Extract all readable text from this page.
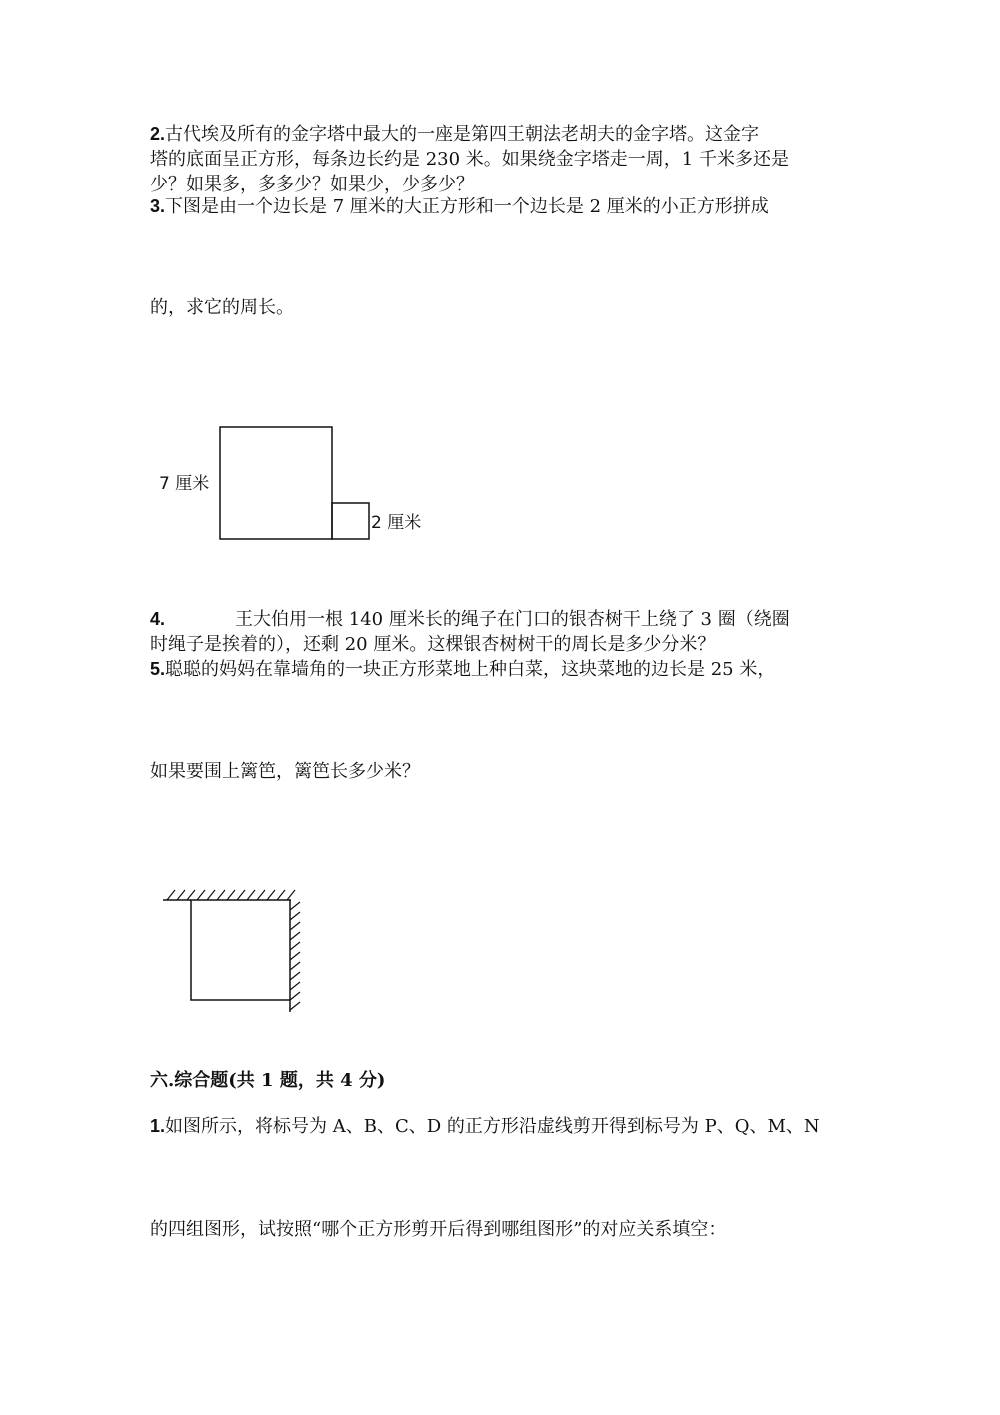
2.古代埃及所有的金字塔中最大的一座是第四王朝法老胡夫的金字塔。这金字
塔的底面呈正方形，每条边长约是 230 米。如果绕金字塔走一周，1 千米多还是
少？如果多，多多少？如果少，少多少？
3.下图是由一个边长是 7 厘米的大正方形和一个边长是 2 厘米的小正方形拼成
的，求它的周长。
7 厘米
2 厘米
4.	王大伯用一根 140 厘米长的绳子在门口的银杏树干上绕了 3 圈（绕圈
时绳子是挨着的），还剩 20 厘米。这棵银杏树树干的周长是多少分米？
5.聪聪的妈妈在靠墙角的一块正方形菜地上种白菜，这块菜地的边长是 25 米，
如果要围上篱笆，篱笆长多少米？
六.综合题(共 1 题，共 4 分)
1.如图所示，将标号为 A、B、C、D 的正方形沿虚线剪开得到标号为 P、Q、M、N
的四组图形，试按照“哪个正方形剪开后得到哪组图形”的对应关系填空：
